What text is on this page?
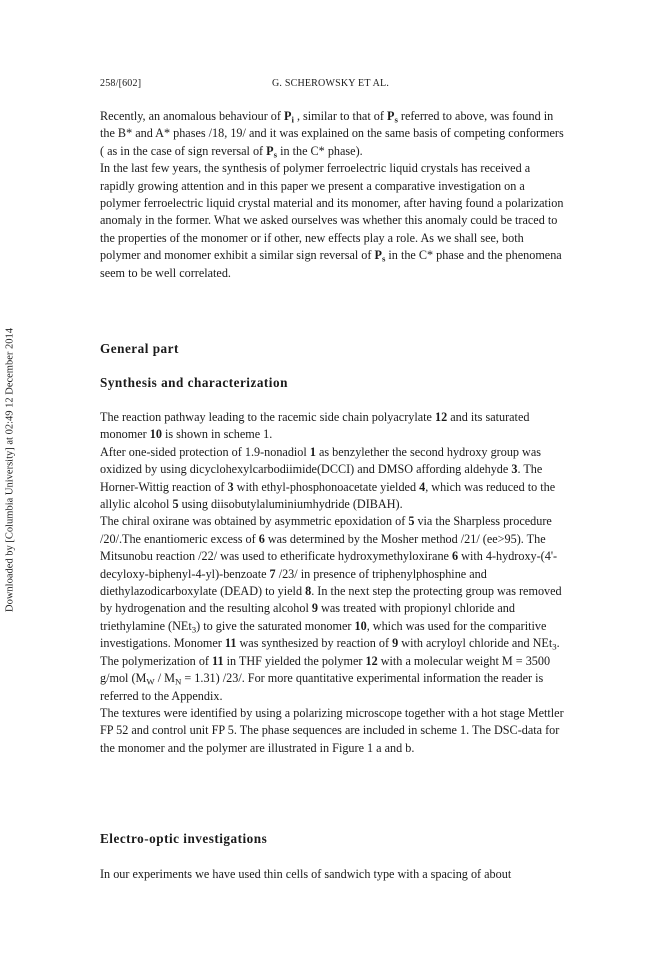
Downloaded by [Columbia University] at 02:49 12 December 2014
258/[602]	G. SCHEROWSKY ET AL.

Recently, an anomalous behaviour of $P_i$ , similar to that of $P_s$ referred to above, was found in the B* and A* phases /18, 19/ and it was explained on the same basis of competing conformers ( as in the case of sign reversal of $P_s$ in the C* phase).

In the last few years, the synthesis of polymer ferroelectric liquid crystals has received a rapidly growing attention and in this paper we present a comparative investigation on a polymer ferroelectric liquid crystal material and its monomer, after having found a polarization anomaly in the former. What we asked ourselves was whether this anomaly could be traced to the properties of the monomer or if other, new effects play a role. As we shall see, both polymer and monomer exhibit a similar sign reversal of $P_s$ in the C* phase and the phenomena seem to be well correlated.

General part
Synthesis and characterization

The reaction pathway leading to the racemic side chain polyacrylate 12 and its saturated monomer 10 is shown in scheme 1.

After one-sided protection of 1.9-nonadiol 1 as benzylether the second hydroxy group was oxidized by using dicyclohexylcarbodiimide(DCCI) and DMSO affording aldehyde 3. The Horner-Wittig reaction of 3 with ethyl-phosphonoacetate yielded 4, which was reduced to the allylic alcohol 5 using diisobutylaluminiumhydride (DIBAH).

The chiral oxirane was obtained by asymmetric epoxidation of 5 via the Sharpless procedure /20/.The enantiomeric excess of 6 was determined by the Mosher method /21/ (ee>95). The Mitsunobu reaction /22/ was used to etherificate hydroxymethyloxirane 6 with 4-hydroxy-(4'-decyloxy-biphenyl-4-yl)-benzoate 7 /23/ in presence of triphenylphosphine and diethylazodicarboxylate (DEAD) to yield 8. In the next step the protecting group was removed by hydrogenation and the resulting alcohol 9 was treated with propionyl chloride and triethylamine (NEt$_3$) to give the saturated monomer 10, which was used for the comparitive investigations. Monomer 11 was synthesized by reaction of 9 with acryloyl chloride and NEt$_3$. The polymerization of 11 in THF yielded the polymer 12 with a molecular weight M = 3500 g/mol $(M_W / M_N = 1.31)$ /23/. For more quantitative experimental information the reader is referred to the Appendix.

The textures were identified by using a polarizing microscope together with a hot stage Mettler FP 52 and control unit FP 5. The phase sequences are included in scheme 1. The DSC-data for the monomer and the polymer are illustrated in Figure 1 a and b.

Electro-optic investigations
In our experiments we have used thin cells of sandwich type with a spacing of about
